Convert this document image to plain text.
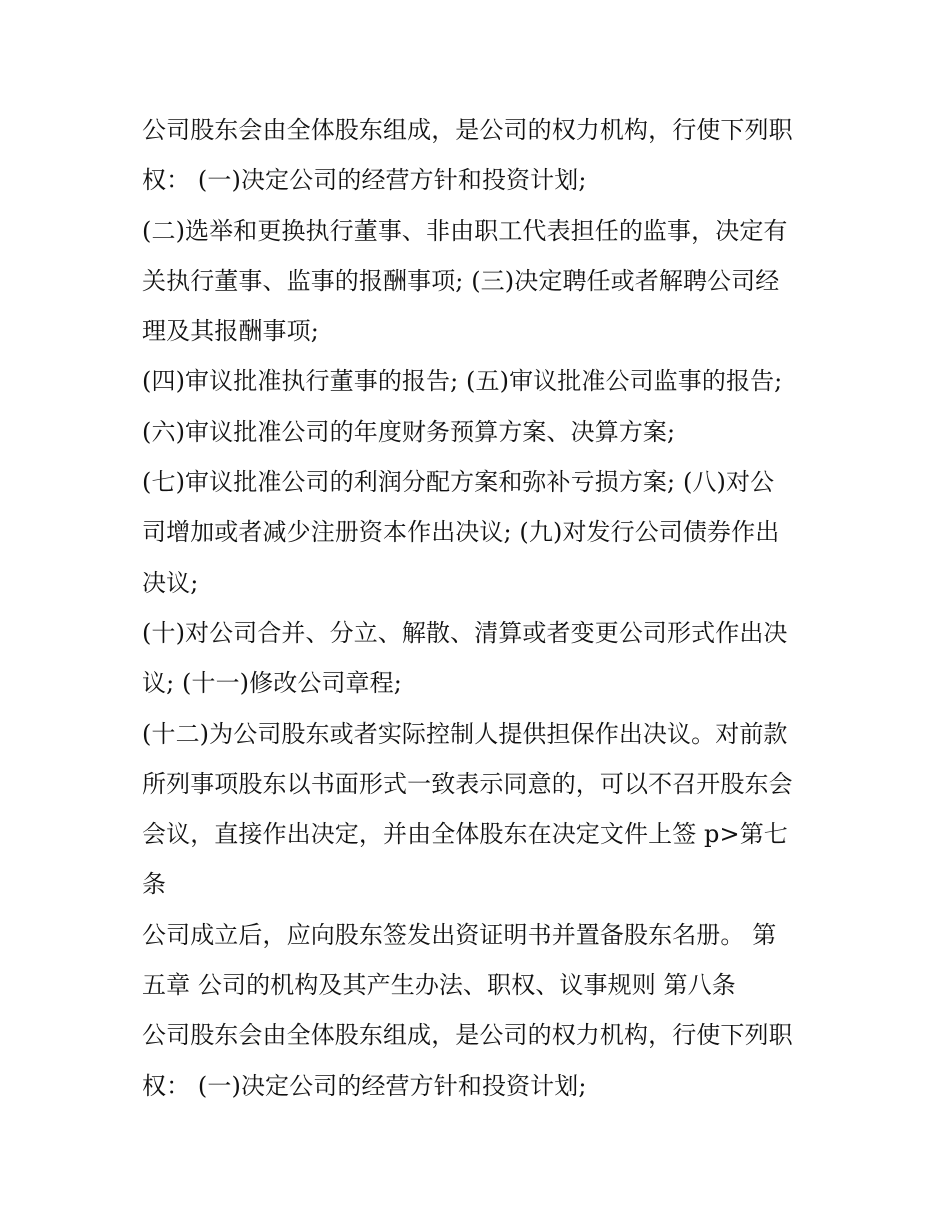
公司股东会由全体股东组成，是公司的权力机构，行使下列职
权： (一)决定公司的经营方针和投资计划;
(二)选举和更换执行董事、非由职工代表担任的监事，决定有
关执行董事、监事的报酬事项; (三)决定聘任或者解聘公司经
理及其报酬事项;
(四)审议批准执行董事的报告; (五)审议批准公司监事的报告;
(六)审议批准公司的年度财务预算方案、决算方案;
(七)审议批准公司的利润分配方案和弥补亏损方案; (八)对公
司增加或者减少注册资本作出决议; (九)对发行公司债券作出
决议;
(十)对公司合并、分立、解散、清算或者变更公司形式作出决
议; (十一)修改公司章程;
(十二)为公司股东或者实际控制人提供担保作出决议。对前款
所列事项股东以书面形式一致表示同意的，可以不召开股东会
会议，直接作出决定，并由全体股东在决定文件上签 p>第七
条
公司成立后，应向股东签发出资证明书并置备股东名册。 第
五章 公司的机构及其产生办法、职权、议事规则 第八条
公司股东会由全体股东组成，是公司的权力机构，行使下列职
权： (一)决定公司的经营方针和投资计划;
